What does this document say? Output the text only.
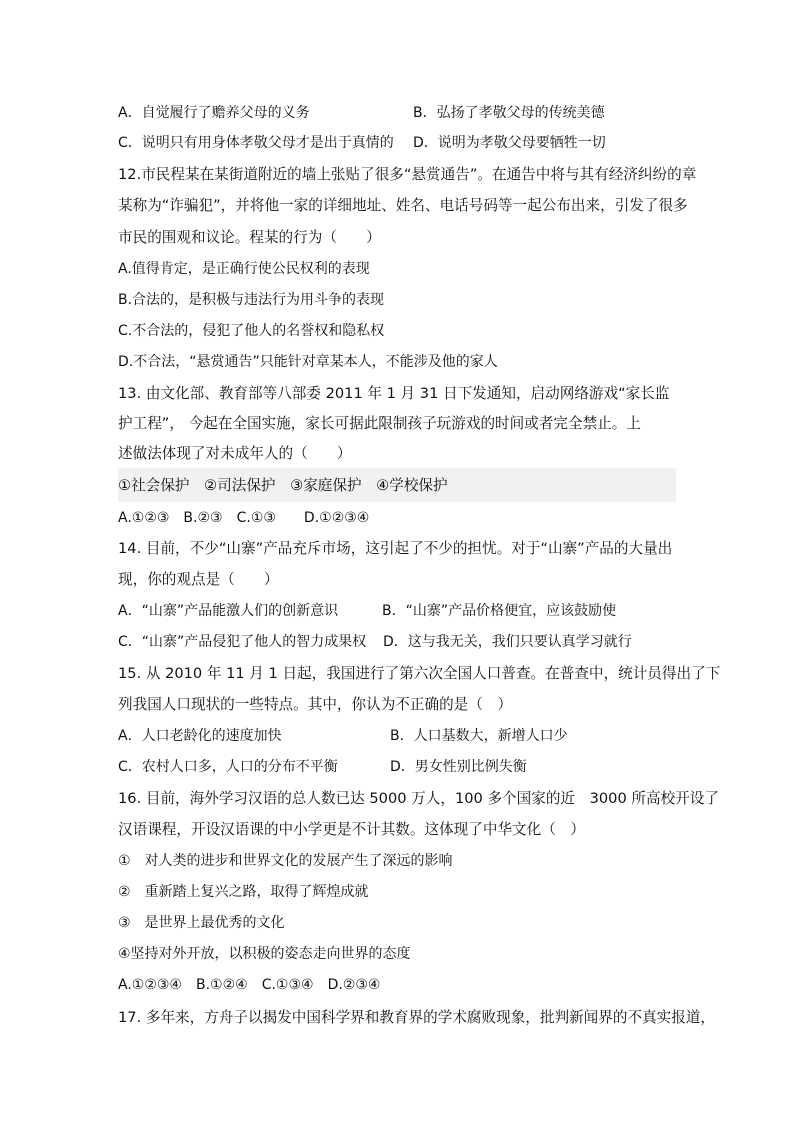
A．自觉履行了赡养父母的义务	B．弘扬了孝敬父母的传统美德
C．说明只有用身体孝敬父母才是出于真情的 D．说明为孝敬父母要牺牲一切
12.市民程某在某街道附近的墙上张贴了很多“悬赏通告”。在通告中将与其有经济纠纷的章
某称为“诈骗犯”，并将他一家的详细地址、姓名、电话号码等一起公布出来，引发了很多
市民的围观和议论。程某的行为（　　）
A.值得肯定，是正确行使公民权利的表现
B.合法的，是积极与违法行为用斗争的表现
C.不合法的，侵犯了他人的名誉权和隐私权
D.不合法，“悬赏通告”只能针对章某本人，不能涉及他的家人
13. 由文化部、教育部等八部委 2011 年 1 月 31 日下发通知，启动网络游戏“家长监
护工程”， 今起在全国实施，家长可据此限制孩子玩游戏的时间或者完全禁止。上
述做法体现了对未成年人的（　　）
①社会保护　②司法保护　③家庭保护　④学校保护
A.①②③　B.②③　C.①③　　D.①②③④
14. 目前，不少“山寨”产品充斥市场，这引起了不少的担忧。对于“山寨”产品的大量出
现，你的观点是（　　）
A．“山寨”产品能激人们的创新意识	B．“山寨”产品价格便宜，应该鼓励使
C．“山寨”产品侵犯了他人的智力成果权 D．这与我无关，我们只要认真学习就行
15. 从 2010 年 11 月 1 日起，我国进行了第六次全国人口普查。在普查中，统计员得出了下
列我国人口现状的一些特点。其中，你认为不正确的是（　）
A．人口老龄化的速度加快	B．人口基数大，新增人口少
C．农村人口多，人口的分布不平衡	D．男女性别比例失衡
16. 目前，海外学习汉语的总人数已达 5000 万人，100 多个国家的近　3000 所高校开设了
汉语课程，开设汉语课的中小学更是不计其数。这体现了中华文化（　）
①　对人类的进步和世界文化的发展产生了深远的影响
②　重新踏上复兴之路，取得了辉煌成就
③　是世界上最优秀的文化
④坚持对外开放，以积极的姿态走向世界的态度
A.①②③④　B.①②④　C.①③④　D.②③④
17. 多年来，方舟子以揭发中国科学界和教育界的学术腐败现象，批判新闻界的不真实报道，
